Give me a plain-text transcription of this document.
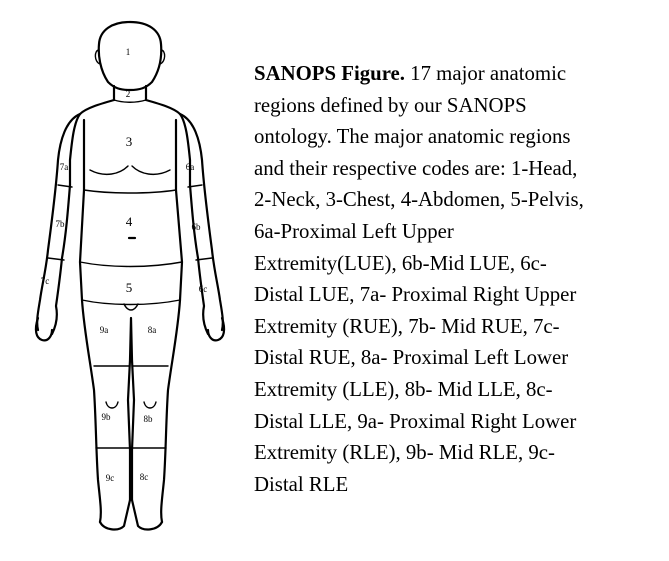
1
2
3
4
5
6a
6b
6c
7a
7b
7c
8a
8b
8c
9a
9b
9c
SANOPS Figure. 17 major anatomic
regions defined by our SANOPS
ontology. The major anatomic regions
and their respective codes are: 1-Head,
2-Neck, 3-Chest, 4-Abdomen, 5-Pelvis,
6a-Proximal Left Upper
Extremity(LUE), 6b-Mid LUE, 6c-
Distal LUE, 7a- Proximal Right Upper
Extremity (RUE), 7b- Mid RUE, 7c-
Distal RUE, 8a- Proximal Left Lower
Extremity (LLE), 8b- Mid LLE, 8c-
Distal LLE, 9a- Proximal Right Lower
Extremity (RLE), 9b- Mid RLE, 9c-
Distal RLE
